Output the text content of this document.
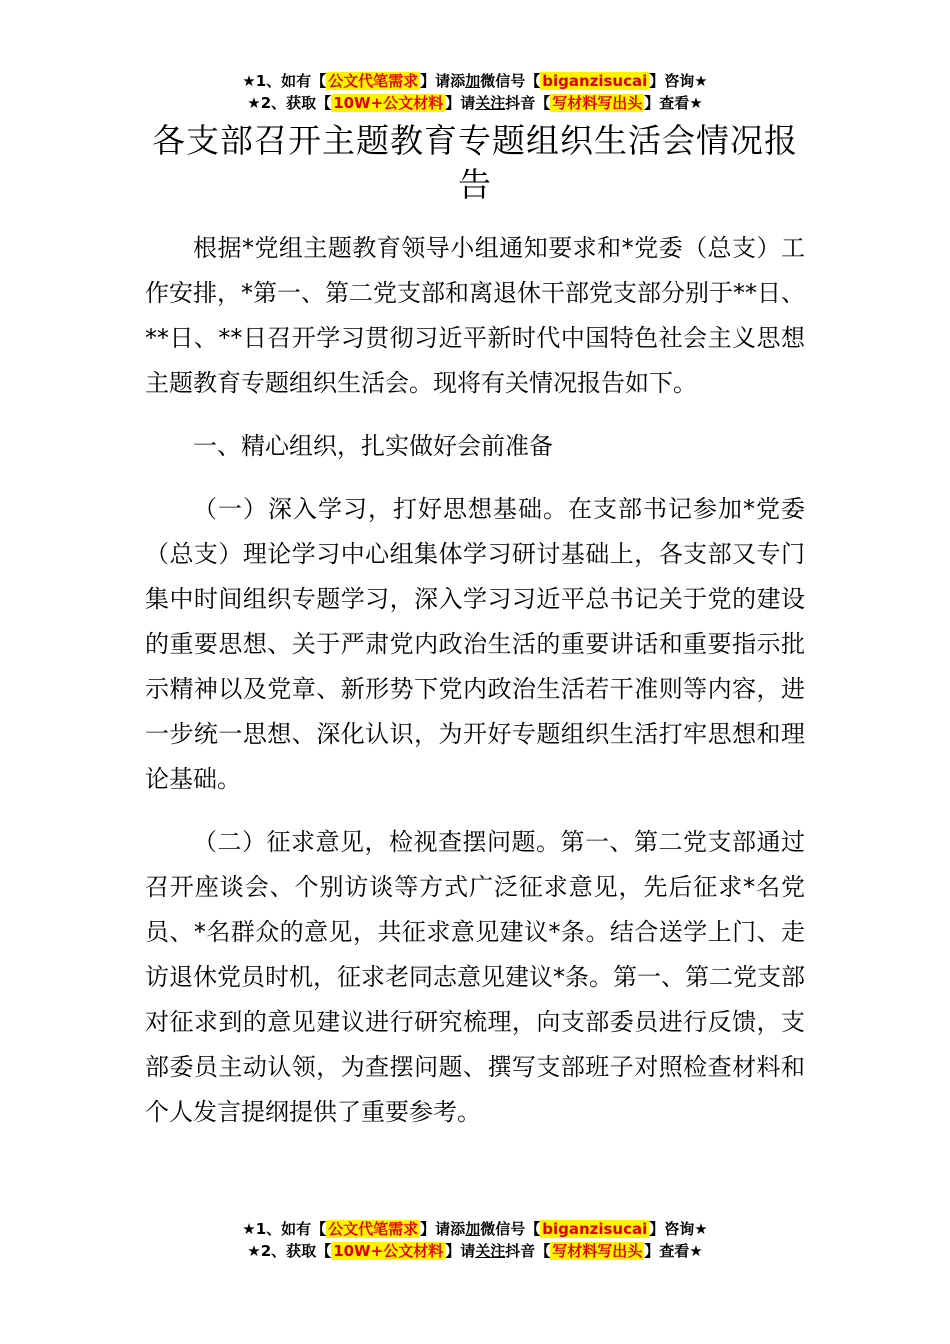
★1、如有【 公文代笔需求 】请添加微信号【 biganzisucai 】咨询★
★2、获取【 10W+公文材料 】请关注抖音【 写材料写出头 】查看★
各支部召开主题教育专题组织生活会情况报告

根据*党组主题教育领导小组通知要求和*党委（总支）工作安排，*第一、第二党支部和离退休干部党支部分别于**日、**日、**日召开学习贯彻习近平新时代中国特色社会主义思想主题教育专题组织生活会。现将有关情况报告如下。

一、精心组织，扎实做好会前准备

（一）深入学习，打好思想基础。在支部书记参加*党委（总支）理论学习中心组集体学习研讨基础上，各支部又专门集中时间组织专题学习，深入学习习近平总书记关于党的建设的重要思想、关于严肃党内政治生活的重要讲话和重要指示批示精神以及党章、新形势下党内政治生活若干准则等内容，进一步统一思想、深化认识，为开好专题组织生活打牢思想和理论基础。

（二）征求意见，检视查摆问题。第一、第二党支部通过召开座谈会、个别访谈等方式广泛征求意见，先后征求*名党员、*名群众的意见，共征求意见建议*条。结合送学上门、走访退休党员时机，征求老同志意见建议*条。第一、第二党支部对征求到的意见建议进行研究梳理，向支部委员进行反馈，支部委员主动认领，为查摆问题、撰写支部班子对照检查材料和个人发言提纲提供了重要参考。

★1、如有【 公文代笔需求 】请添加微信号【 biganzisucai 】咨询★
★2、获取【 10W+公文材料 】请关注抖音【 写材料写出头 】查看★
